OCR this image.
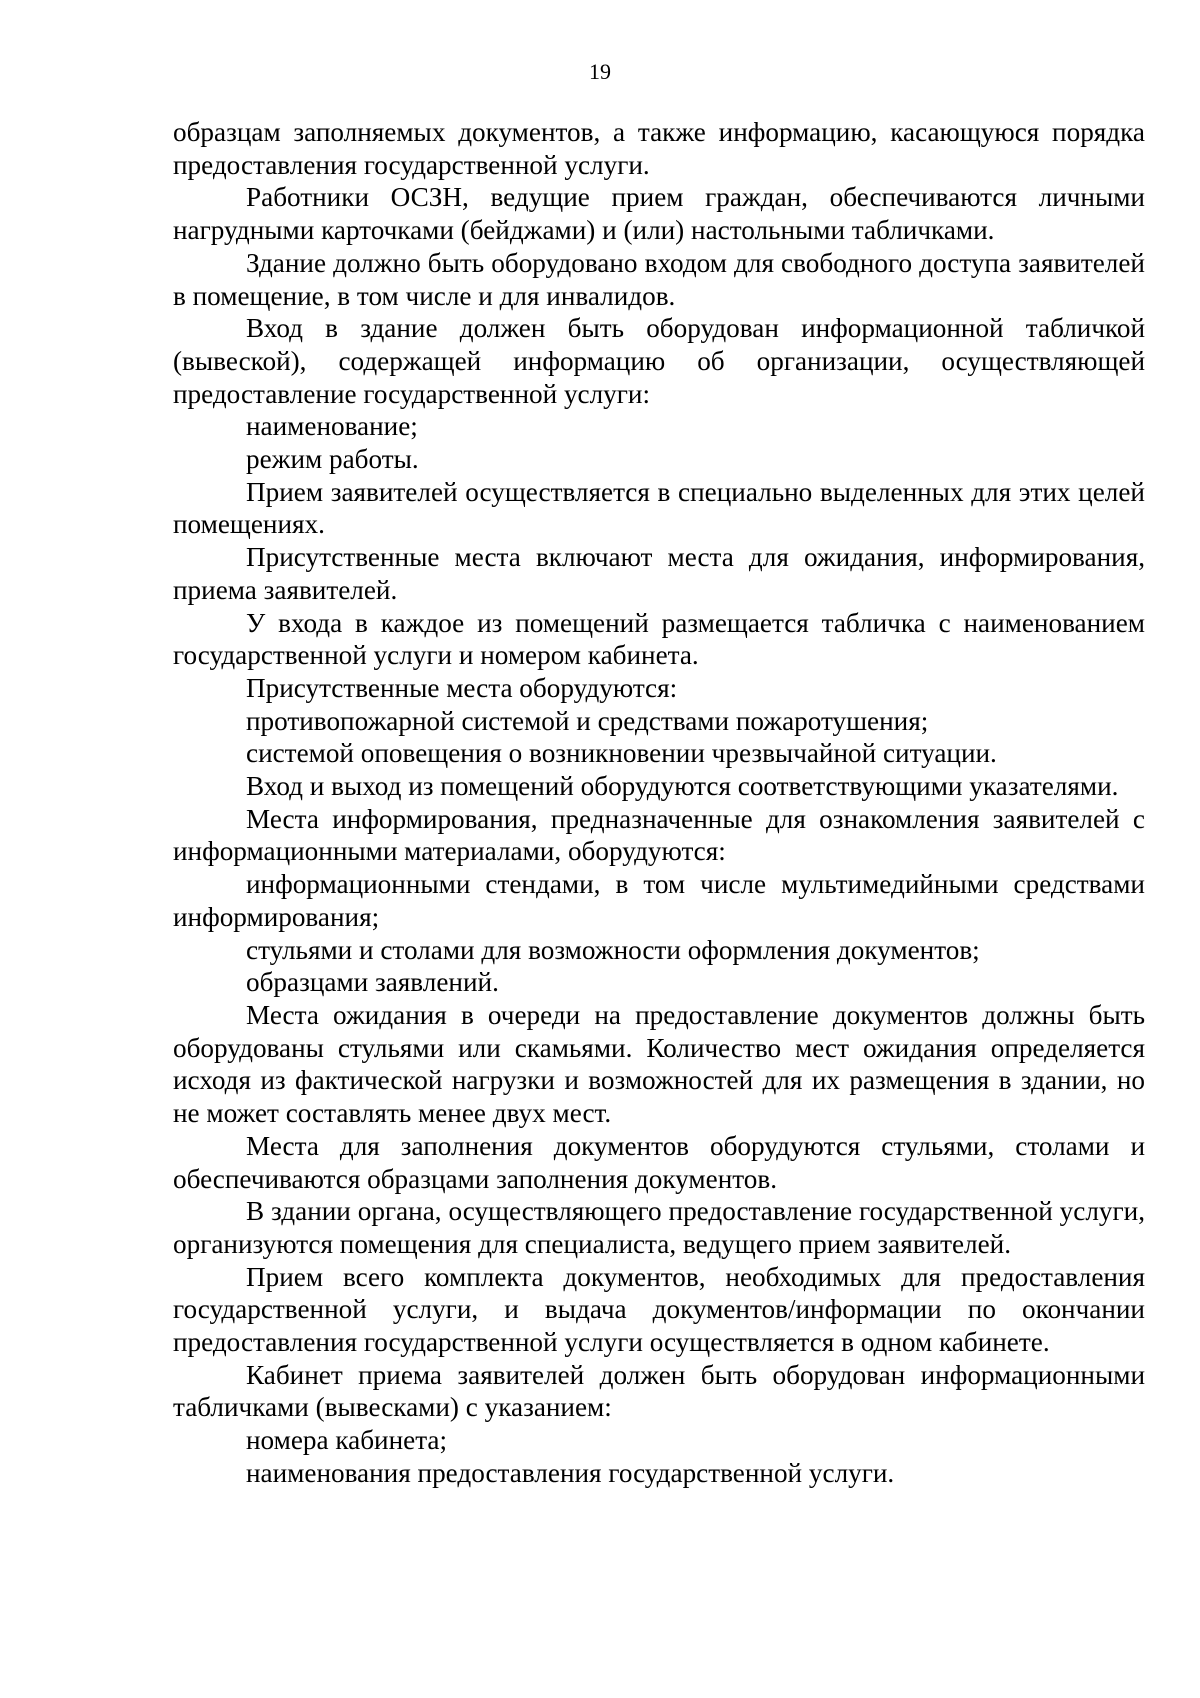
19

образцам заполняемых документов, а также информацию, касающуюся порядка предоставления государственной услуги.

Работники ОСЗН, ведущие прием граждан, обеспечиваются личными нагрудными карточками (бейджами) и (или) настольными табличками.

Здание должно быть оборудовано входом для свободного доступа заявителей в помещение, в том числе и для инвалидов.

Вход в здание должен быть оборудован информационной табличкой (вывеской), содержащей информацию об организации, осуществляющей предоставление государственной услуги:

наименование;

режим работы.

Прием заявителей осуществляется в специально выделенных для этих целей помещениях.

Присутственные места включают места для ожидания, информирования, приема заявителей.

У входа в каждое из помещений размещается табличка с наименованием государственной услуги и номером кабинета.

Присутственные места оборудуются:

противопожарной системой и средствами пожаротушения;

системой оповещения о возникновении чрезвычайной ситуации.

Вход и выход из помещений оборудуются соответствующими указателями.

Места информирования, предназначенные для ознакомления заявителей с информационными материалами, оборудуются:

информационными стендами, в том числе мультимедийными средствами информирования;

стульями и столами для возможности оформления документов;

образцами заявлений.

Места ожидания в очереди на предоставление документов должны быть оборудованы стульями или скамьями. Количество мест ожидания определяется исходя из фактической нагрузки и возможностей для их размещения в здании, но не может составлять менее двух мест.

Места для заполнения документов оборудуются стульями, столами и обеспечиваются образцами заполнения документов.

В здании органа, осуществляющего предоставление государственной услуги, организуются помещения для специалиста, ведущего прием заявителей.

Прием всего комплекта документов, необходимых для предоставления государственной услуги, и выдача документов/информации по окончании предоставления государственной услуги осуществляется в одном кабинете.

Кабинет приема заявителей должен быть оборудован информационными табличками (вывесками) с указанием:

номера кабинета;

наименования предоставления государственной услуги.
